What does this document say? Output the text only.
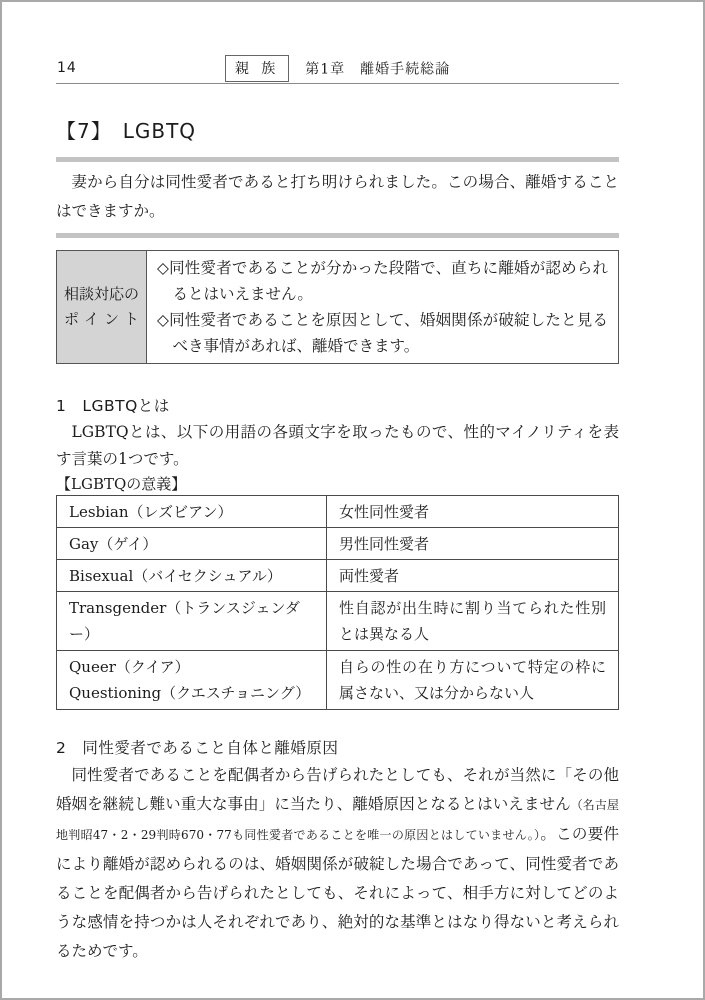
14	親 族 第1章　離婚手続総論
【7】　LGBTQ
妻から自分は同性愛者であると打ち明けられました。この場合、離婚することはできますか。
相談対応の
ポイント
◇同性愛者であることが分かった段階で、直ちに離婚が認められるとはいえません。
◇同性愛者であることを原因として、婚姻関係が破綻したと見るべき事情があれば、離婚できます。
1　LGBTQとは
LGBTQとは、以下の用語の各頭文字を取ったもので、性的マイノリティを表す言葉の1つです。
【LGBTQの意義】
Lesbian（レズビアン）	女性同性愛者
Gay（ゲイ）	男性同性愛者
Bisexual（バイセクシュアル）	両性愛者

Transgender（トランスジェンダー）	性自認が出生時に割り当てられた性別とは異なる人

Queer（クイア）
Questioning（クエスチョニング）	自らの性の在り方について特定の枠に属さない、又は分からない人
2　同性愛者であること自体と離婚原因
同性愛者であることを配偶者から告げられたとしても、それが当然に「その他婚姻を継続し難い重大な事由」に当たり、離婚原因となるとはいえません（名古屋地判昭47・2・29判時670・77も同性愛者であることを唯一の原因とはしていません。）。この要件により離婚が認められるのは、婚姻関係が破綻した場合であって、同性愛者であることを配偶者から告げられたとしても、それによって、相手方に対してどのような感情を持つかは人それぞれであり、絶対的な基準とはなり得ないと考えられるためです。
